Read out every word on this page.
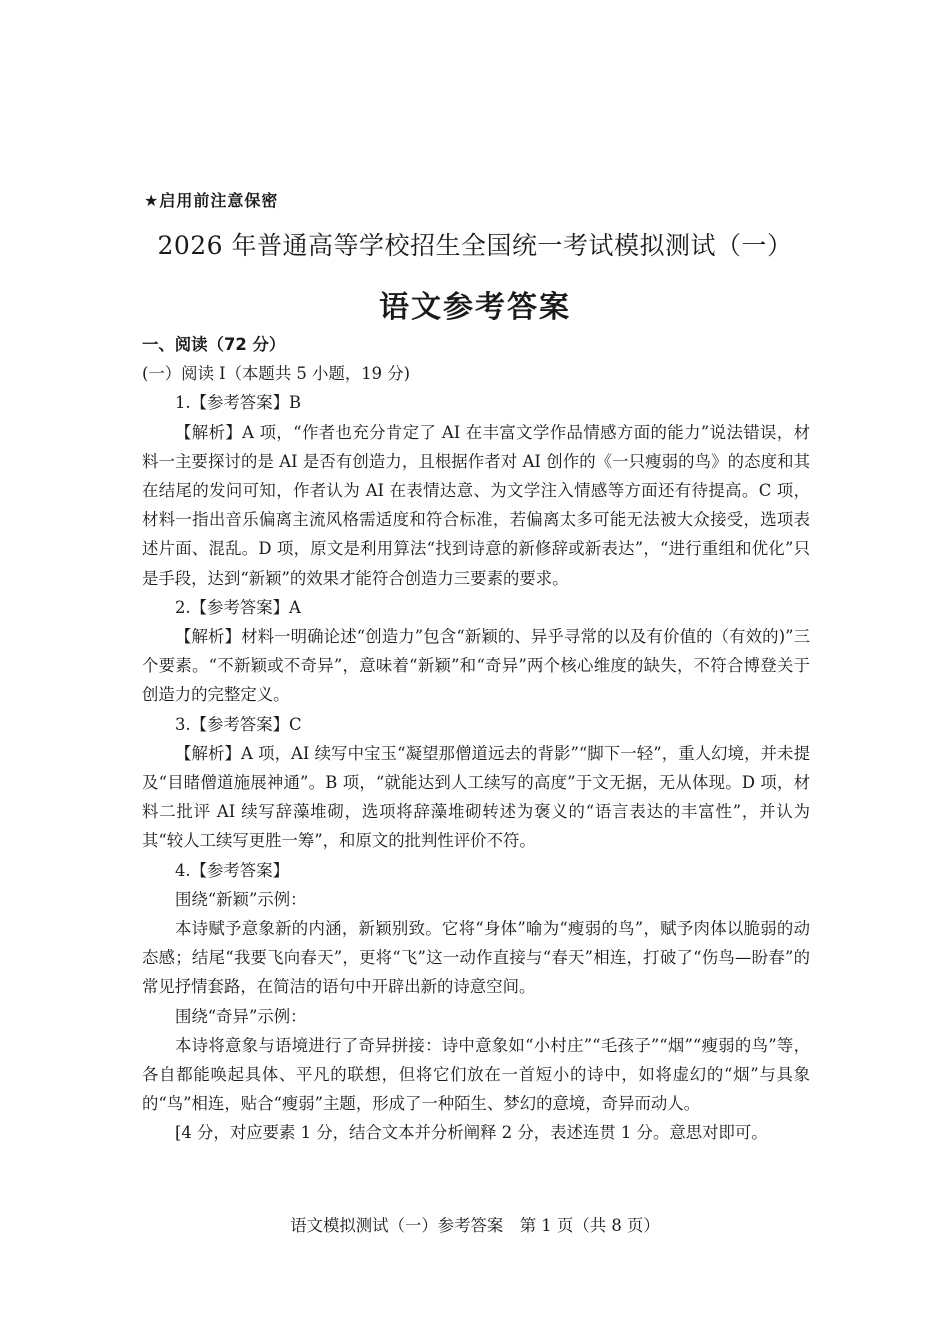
★启用前注意保密
2026 年普通高等学校招生全国统一考试模拟测试（一）
语文参考答案

一、阅读（72 分）

(一）阅读 I（本题共 5 小题，19 分)

1.【参考答案】B

【解析】A 项，“作者也充分肯定了 AI 在丰富文学作品情感方面的能力”说法错误，材料一主要探讨的是 AI 是否有创造力，且根据作者对 AI 创作的《一只瘦弱的鸟》的态度和其在结尾的发问可知，作者认为 AI 在表情达意、为文学注入情感等方面还有待提高。C 项，材料一指出音乐偏离主流风格需适度和符合标准，若偏离太多可能无法被大众接受，选项表述片面、混乱。D 项，原文是利用算法“找到诗意的新修辞或新表达”，“进行重组和优化”只是手段，达到“新颖”的效果才能符合创造力三要素的要求。

2.【参考答案】A

【解析】材料一明确论述“创造力”包含“新颖的、异乎寻常的以及有价值的（有效的)”三个要素。“不新颖或不奇异”，意味着“新颖”和“奇异”两个核心维度的缺失，不符合博登关于创造力的完整定义。

3.【参考答案】C

【解析】A 项，AI 续写中宝玉“凝望那僧道远去的背影”“脚下一轻”，重人幻境，并未提及“目睹僧道施展神通”。B 项，“就能达到人工续写的高度”于文无据，无从体现。D 项，材料二批评 AI 续写辞藻堆砌，选项将辞藻堆砌转述为褒义的“语言表达的丰富性”，并认为其“较人工续写更胜一筹”，和原文的批判性评价不符。

4.【参考答案】

围绕“新颖”示例：

本诗赋予意象新的内涵，新颖别致。它将“身体”喻为“瘦弱的鸟”，赋予肉体以脆弱的动态感；结尾“我要飞向春天”，更将“飞”这一动作直接与“春天”相连，打破了“伤鸟—盼春”的常见抒情套路，在简洁的语句中开辟出新的诗意空间。

围绕“奇异”示例：

本诗将意象与语境进行了奇异拼接：诗中意象如“小村庄”“毛孩子”“烟”“瘦弱的鸟”等，各自都能唤起具体、平凡的联想，但将它们放在一首短小的诗中，如将虚幻的“烟”与具象的“鸟”相连，贴合“瘦弱”主题，形成了一种陌生、梦幻的意境，奇异而动人。

[4 分，对应要素 1 分，结合文本并分析阐释 2 分，表述连贯 1 分。意思对即可。

语文模拟测试（一）参考答案　第 1 页（共 8 页）
